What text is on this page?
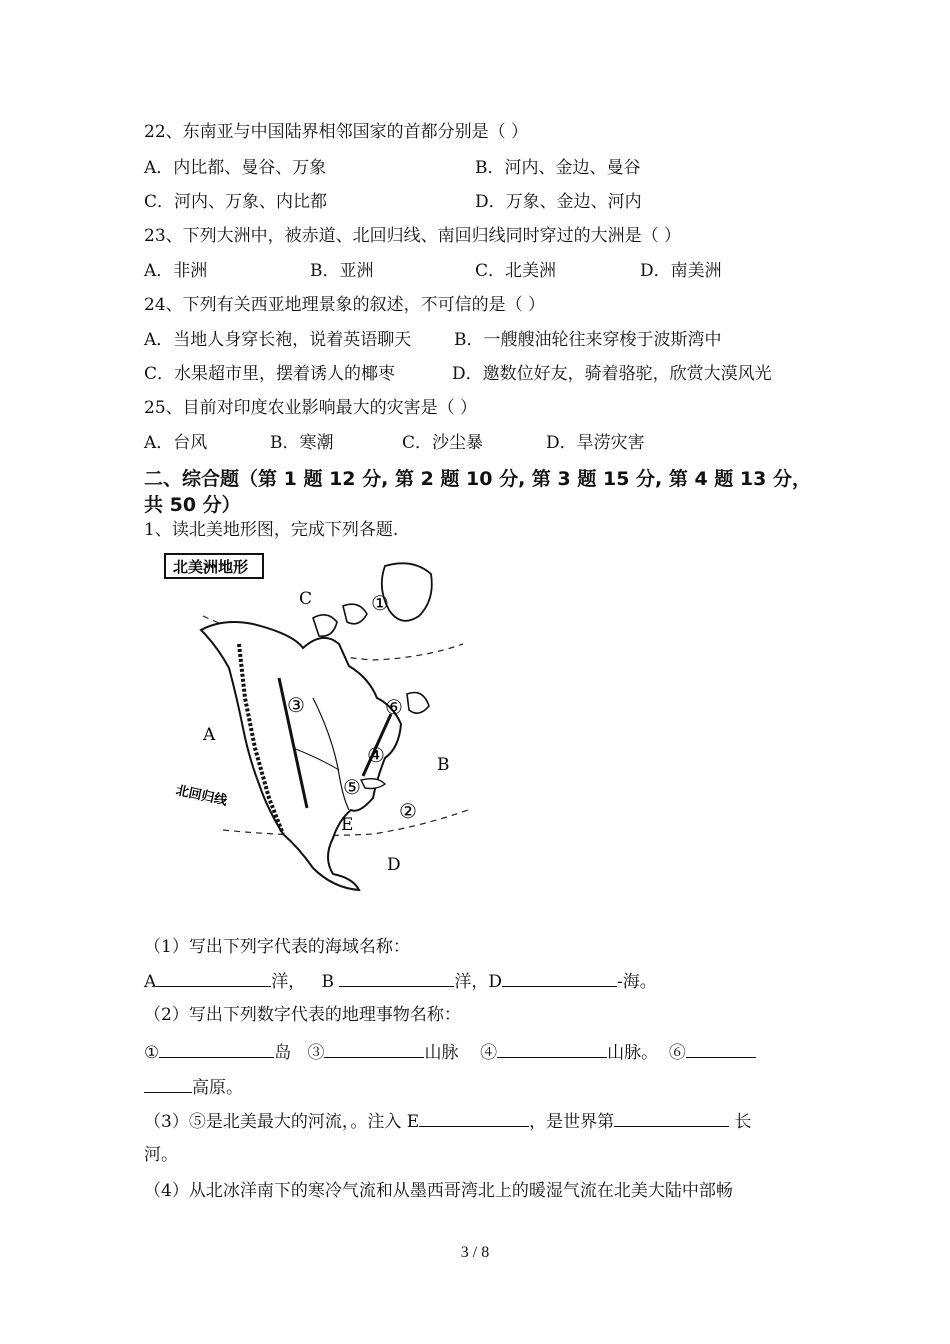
22、东南亚与中国陆界相邻国家的首都分别是（ ）
A．内比都、曼谷、万象	B．河内、金边、曼谷
C．河内、万象、内比都	D．万象、金边、河内
23、下列大洲中，被赤道、北回归线、南回归线同时穿过的大洲是（ ）
A．非洲	B．亚洲	C．北美洲	D．南美洲
24、下列有关西亚地理景象的叙述，不可信的是（ ）
A．当地人身穿长袍，说着英语聊天	B．一艘艘油轮往来穿梭于波斯湾中
C．水果超市里，摆着诱人的椰枣	D．邀数位好友，骑着骆驼，欣赏大漠风光
25、目前对印度农业影响最大的灾害是（ ）
A．台风	B．寒潮	C．沙尘暴	D．旱涝灾害
二、综合题（第 1 题 12 分, 第 2 题 10 分, 第 3 题 15 分, 第 4 题 13 分，
共 50 分）
1、读北美地形图，完成下列各题.
北美洲地形
北回归线
C
A
B
E
D
①
②
③
④
⑤
⑥
（1）写出下列字代表的海域名称：
A	洋， B	洋，D	-海。
（2）写出下列数字代表的地理事物名称：
①	岛 ③	山脉 ④	山脉。 ⑥
高原。
（3）⑤是北美最大的河流，。注入 E	，是世界第	长
河。
（4）从北冰洋南下的寒冷气流和从墨西哥湾北上的暖湿气流在北美大陆中部畅
3 / 8
